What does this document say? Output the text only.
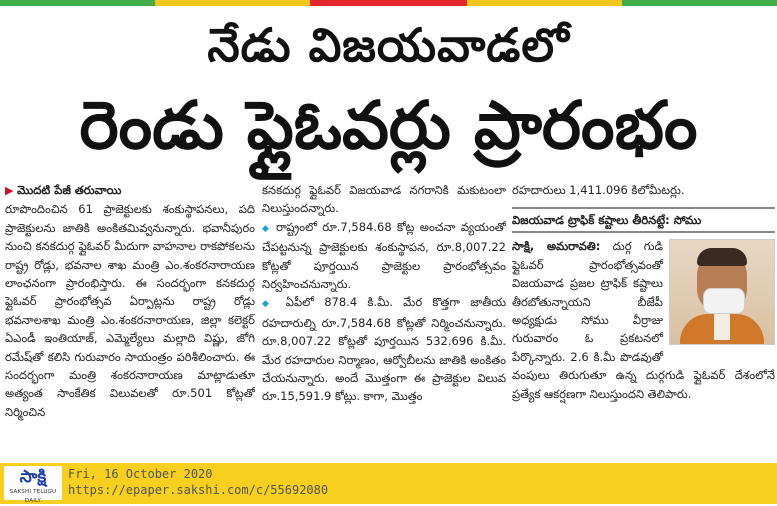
నేడు విజయవాడలో
రెండు ఫ్లైఓవర్లు ప్రారంభం

▶ మొదటి పేజీ తరువాయి

రూపొందించిన 61 ప్రాజెక్టులకు శంకుస్థాపనలు, పది ప్రాజెక్టులను జాతికి అంకితమివ్వనున్నారు. భవానీపురం నుంచి కనకదుర్గ ఫ్లైఓవర్ మీదుగా వాహనాల రాకపోకలను రాష్ట్ర రోడ్లు, భవనాల శాఖ మంత్రి ఎం.శంకరనారాయణ లాంఛనంగా ప్రారంభిస్తారు. ఈ సందర్భంగా కనకదుర్గ ఫ్లైఓవర్ ప్రారంభోత్సవ ఏర్పాట్లను రాష్ట్ర రోడ్లు భవనాలశాఖ మంత్రి ఎం.శంకరనారాయణ, జిల్లా కలెక్టర్ ఏఎండీ ఇంతియాజ్, ఎమ్మెల్యేలు మల్లాది విష్ణు, జోగి రమేష్‌తో కలిసి గురువారం సాయంత్రం పరిశీలించారు. ఈ సందర్భంగా మంత్రి శంకరనారాయణ మాట్లాడుతూ అత్యంత సాంకేతిక విలువలతో రూ.501 కోట్లతో నిర్మించిన

కనకదుర్గ ఫ్లైఓవర్ విజయవాడ నగరానికి మకుటంలా నిలుస్తుందన్నారు.

◆ రాష్ట్రంలో రూ.7,584.68 కోట్ల అంచనా వ్యయంతో చేపట్టనున్న ప్రాజెక్టులకు శంకుస్థాపన, రూ.8,007.22 కోట్లతో పూర్తయిన ప్రాజెక్టుల ప్రారంభోత్సవం నిర్వహించనున్నారు.

◆ ఏపీలో 878.4 కి.మీ. మేర కొత్తగా జాతీయ రహదారుల్ని రూ.7,584.68 కోట్లతో నిర్మించనున్నారు. రూ.8,007.22 కోట్లతో పూర్తయిన 532.696 కి.మీ. మేర రహదారుల నిర్మాణం, ఆర్వోబీలను జాతికి అంకితం చేయనున్నారు. అందే మొత్తంగా ఈ ప్రాజెక్టుల విలువ రూ.15,591.9 కోట్లు. కాగా, మొత్తం

రహదారులు 1,411.096 కిలోమీటర్లు.

విజయవాడ ట్రాఫిక్ కష్టాలు తీరినట్టే: సోము

సాక్షి, అమరావతి: దుర్గ గుడి ఫ్లైఓవర్ ప్రారంభోత్సవంతో విజయవాడ ప్రజల ట్రాఫిక్ కష్టాలు తీరబోతున్నాయని బీజేపీ అధ్యక్షుడు సోము వీర్రాజు గురువారం ఓ ప్రకటనలో పేర్కొన్నారు. 2.6 కి.మీ పొడవుతో వంపులు తిరుగుతూ ఉన్న దుర్గగుడి ఫ్లైఓవర్ దేశంలోనే ప్రత్యేక ఆకర్షణగా నిలుస్తుందని తెలిపారు.

సాక్షి
SAKSHI TELUGU DAILY
Fri, 16 October 2020
https://epaper.sakshi.com/c/55692080
